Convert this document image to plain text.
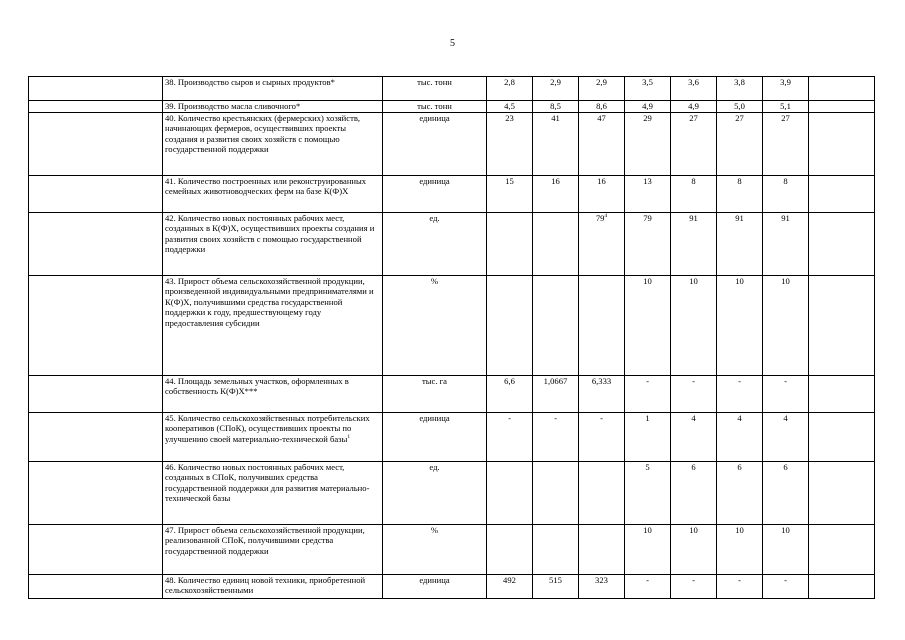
5
	38. Производство сыров и сырных продуктов*	тыс. тонн	2,8	2,9	2,9	3,5	3,6	3,8	3,9	
	39. Производство масла сливочного*	тыс. тонн	4,5	8,5	8,6	4,9	4,9	5,0	5,1	
	40. Количество крестьянских (фермерских) хозяйств, начинающих фермеров, осуществивших проекты создания и развития своих хозяйств с помощью государственной поддержки	единица	23	41	47	29	27	27	27	
	41. Количество построенных или реконструированных семейных животноводческих ферм на базе К(Ф)Х	единица	15	16	16	13	8	8	8	
	42. Количество новых постоянных рабочих мест, созданных в К(Ф)Х, осуществивших проекты создания и развития своих хозяйств с помощью государственной поддержки	ед.			$79^4$	79	91	91	91	
	43. Прирост объема сельскохозяйственной продукции, произведенной индивидуальными предпринимателями и К(Ф)Х, получившими средства государственной поддержки к году, предшествующему году предоставления субсидии	%				10	10	10	10	
	44. Площадь земельных участков, оформленных в собственность К(Ф)Х***	тыс. га	6,6	1,0667	6,333	-	-	-	-	
	45. Количество сельскохозяйственных потребительских кооперативов (СПоК), осуществивших проекты по улучшению своей материально-технической базы$^1$	единица	-	-	-	1	4	4	4	
	46. Количество новых постоянных рабочих мест, созданных в СПоК, получивших средства государственной поддержки для развития материально-технической базы	ед.				5	6	6	6	
	47. Прирост объема сельскохозяйственной продукции, реализованной СПоК, получившими средства государственной поддержки	%				10	10	10	10	
	48. Количество единиц новой техники, приобретенной сельскохозяйственными	единица	492	515	323	-	-	-	-	
